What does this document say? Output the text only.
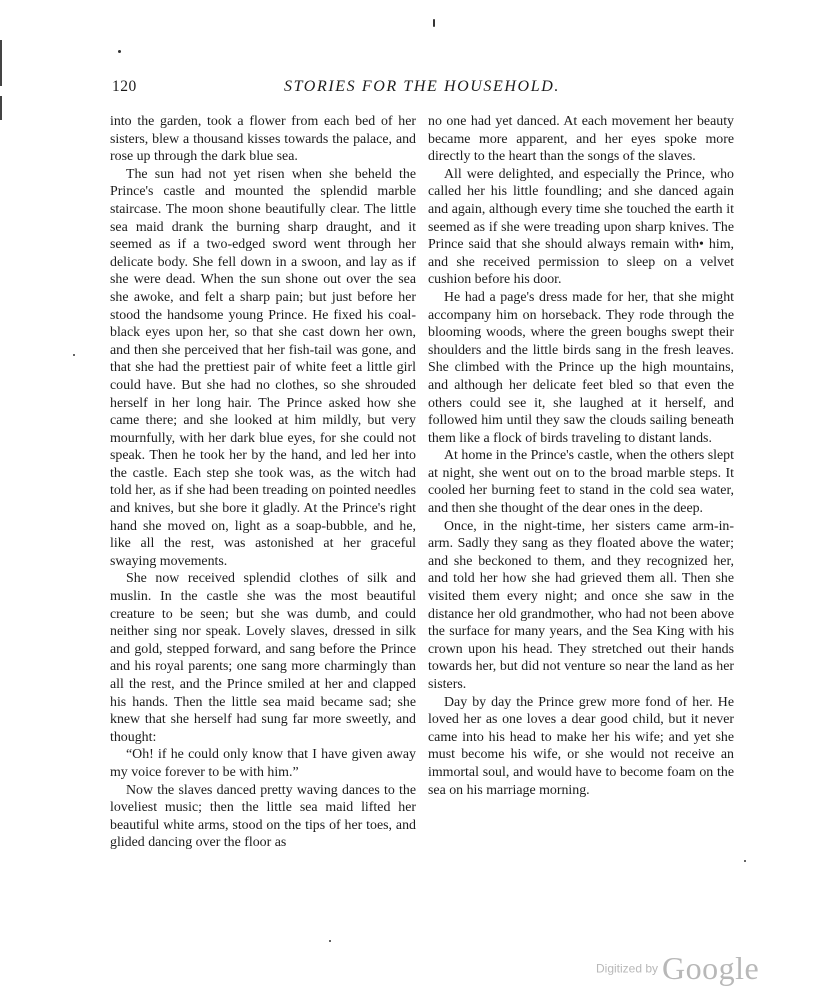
120	STORIES FOR THE HOUSEHOLD.

into the garden, took a flower from each bed of her sisters, blew a thousand kisses towards the palace, and rose up through the dark blue sea.

The sun had not yet risen when she beheld the Prince's castle and mounted the splendid marble staircase. The moon shone beautifully clear. The little sea maid drank the burning sharp draught, and it seemed as if a two-edged sword went through her delicate body. She fell down in a swoon, and lay as if she were dead. When the sun shone out over the sea she awoke, and felt a sharp pain; but just before her stood the handsome young Prince. He fixed his coal-black eyes upon her, so that she cast down her own, and then she perceived that her fish-tail was gone, and that she had the prettiest pair of white feet a little girl could have. But she had no clothes, so she shrouded herself in her long hair. The Prince asked how she came there; and she looked at him mildly, but very mournfully, with her dark blue eyes, for she could not speak. Then he took her by the hand, and led her into the castle. Each step she took was, as the witch had told her, as if she had been treading on pointed needles and knives, but she bore it gladly. At the Prince's right hand she moved on, light as a soap-bubble, and he, like all the rest, was astonished at her graceful swaying movements.

She now received splendid clothes of silk and muslin. In the castle she was the most beautiful creature to be seen; but she was dumb, and could neither sing nor speak. Lovely slaves, dressed in silk and gold, stepped forward, and sang before the Prince and his royal parents; one sang more charmingly than all the rest, and the Prince smiled at her and clapped his hands. Then the little sea maid became sad; she knew that she herself had sung far more sweetly, and thought:

“Oh! if he could only know that I have given away my voice forever to be with him.”

Now the slaves danced pretty waving dances to the loveliest music; then the little sea maid lifted her beautiful white arms, stood on the tips of her toes, and glided dancing over the floor as

no one had yet danced. At each movement her beauty became more apparent, and her eyes spoke more directly to the heart than the songs of the slaves.

All were delighted, and especially the Prince, who called her his little foundling; and she danced again and again, although every time she touched the earth it seemed as if she were treading upon sharp knives. The Prince said that she should always remain with• him, and she received permission to sleep on a velvet cushion before his door.

He had a page's dress made for her, that she might accompany him on horseback. They rode through the blooming woods, where the green boughs swept their shoulders and the little birds sang in the fresh leaves. She climbed with the Prince up the high mountains, and although her delicate feet bled so that even the others could see it, she laughed at it herself, and followed him until they saw the clouds sailing beneath them like a flock of birds traveling to distant lands.

At home in the Prince's castle, when the others slept at night, she went out on to the broad marble steps. It cooled her burning feet to stand in the cold sea water, and then she thought of the dear ones in the deep.

Once, in the night-time, her sisters came arm-in-arm. Sadly they sang as they floated above the water; and she beckoned to them, and they recognized her, and told her how she had grieved them all. Then she visited them every night; and once she saw in the distance her old grandmother, who had not been above the surface for many years, and the Sea King with his crown upon his head. They stretched out their hands towards her, but did not venture so near the land as her sisters.

Day by day the Prince grew more fond of her. He loved her as one loves a dear good child, but it never came into his head to make her his wife; and yet she must become his wife, or she would not receive an immortal soul, and would have to become foam on the sea on his marriage morning.

Digitized by Google
